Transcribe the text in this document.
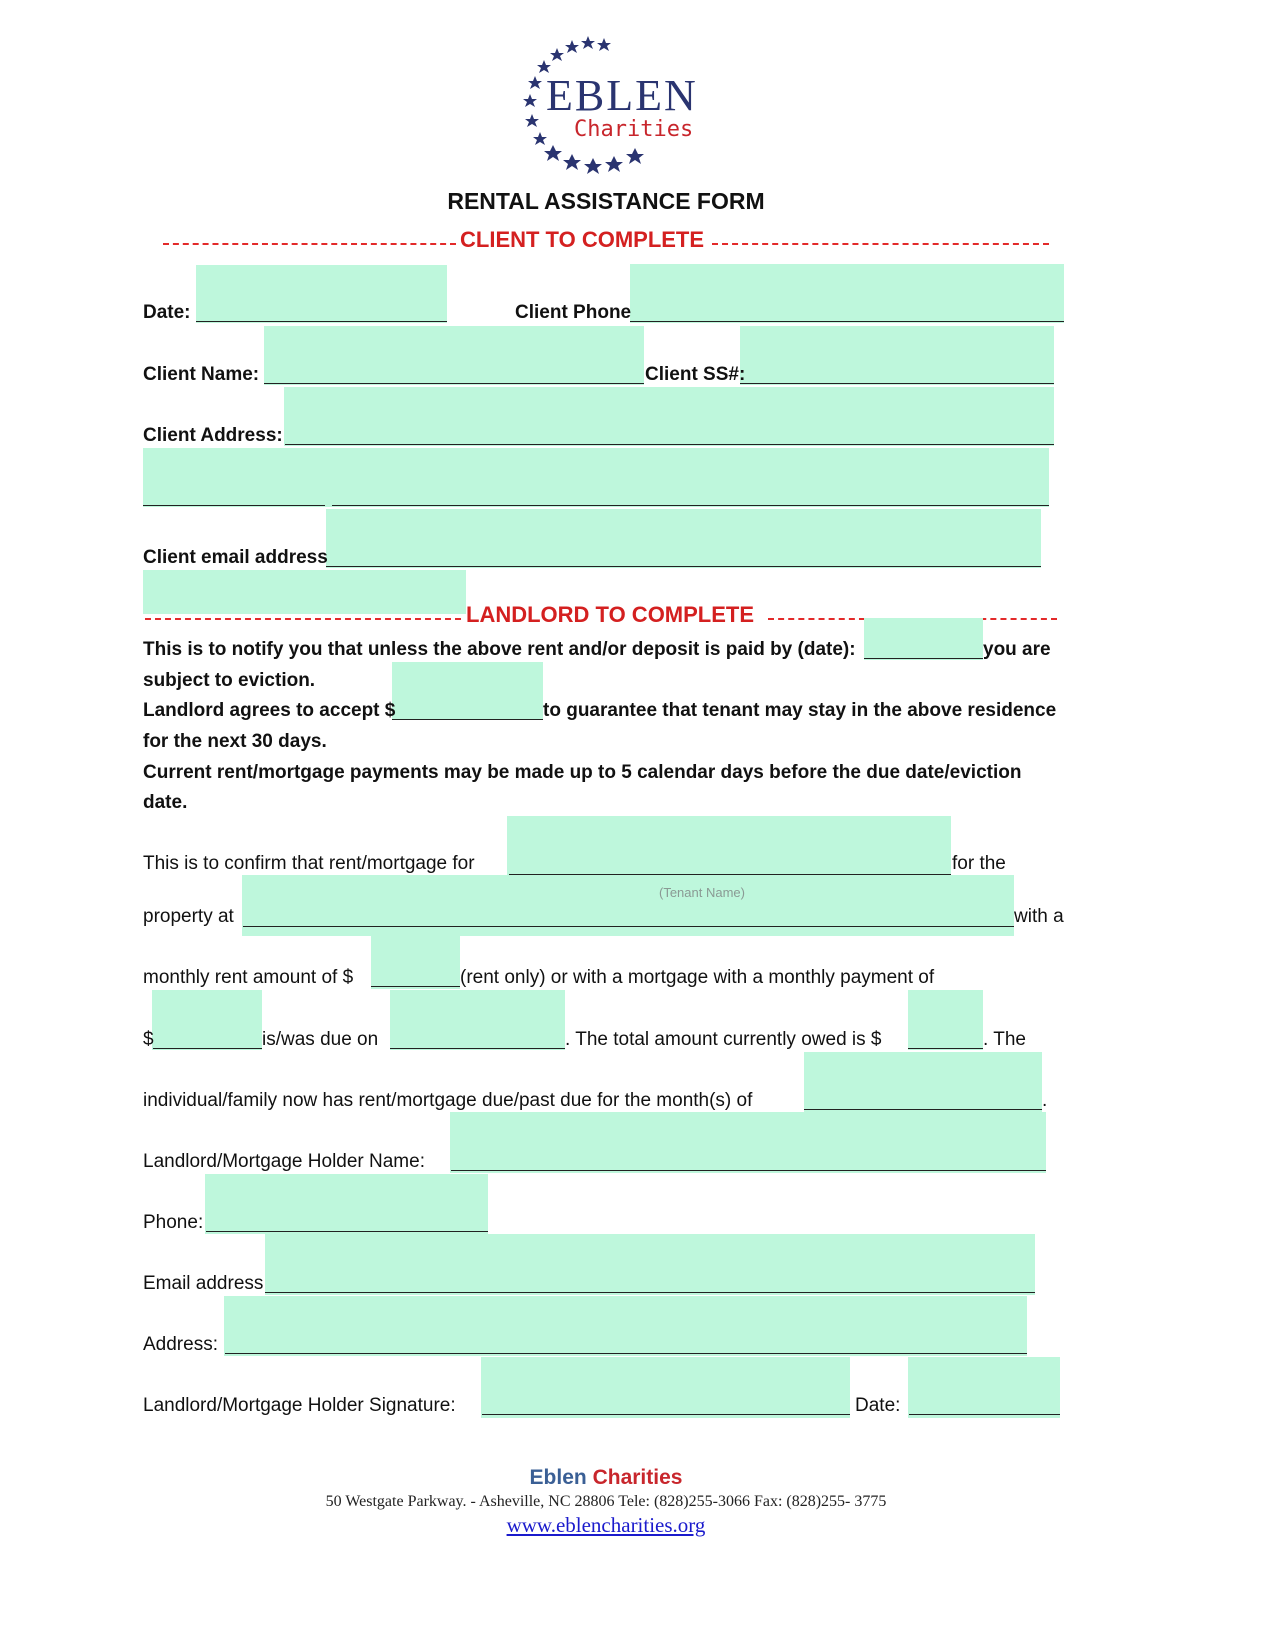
EBLEN
Charities
RENTAL ASSISTANCE FORM
CLIENT TO COMPLETE
Date:	Client Phone
Client Name:	Client SS#:
Client Address:
Client email address
LANDLORD TO COMPLETE
This is to notify you that unless the above rent and/or deposit is paid by (date):	you are
subject to eviction.
Landlord agrees to accept $	to guarantee that tenant may stay in the above residence
for the next 30 days.
Current rent/mortgage payments may be made up to 5 calendar days before the due date/eviction
date.
This is to confirm that rent/mortgage for	for the
(Tenant Name)
property at	with a
monthly rent amount of $	(rent only) or with a mortgage with a monthly payment of
$	is/was due on	. The total amount currently owed is $	. The
individual/family now has rent/mortgage due/past due for the month(s) of	.
Landlord/Mortgage Holder Name:
Phone:
Email address
Address:
Landlord/Mortgage Holder Signature:	Date:
Eblen Charities
50 Westgate Parkway. - Asheville, NC 28806 Tele: (828)255-3066 Fax: (828)255- 3775
www.eblencharities.org
